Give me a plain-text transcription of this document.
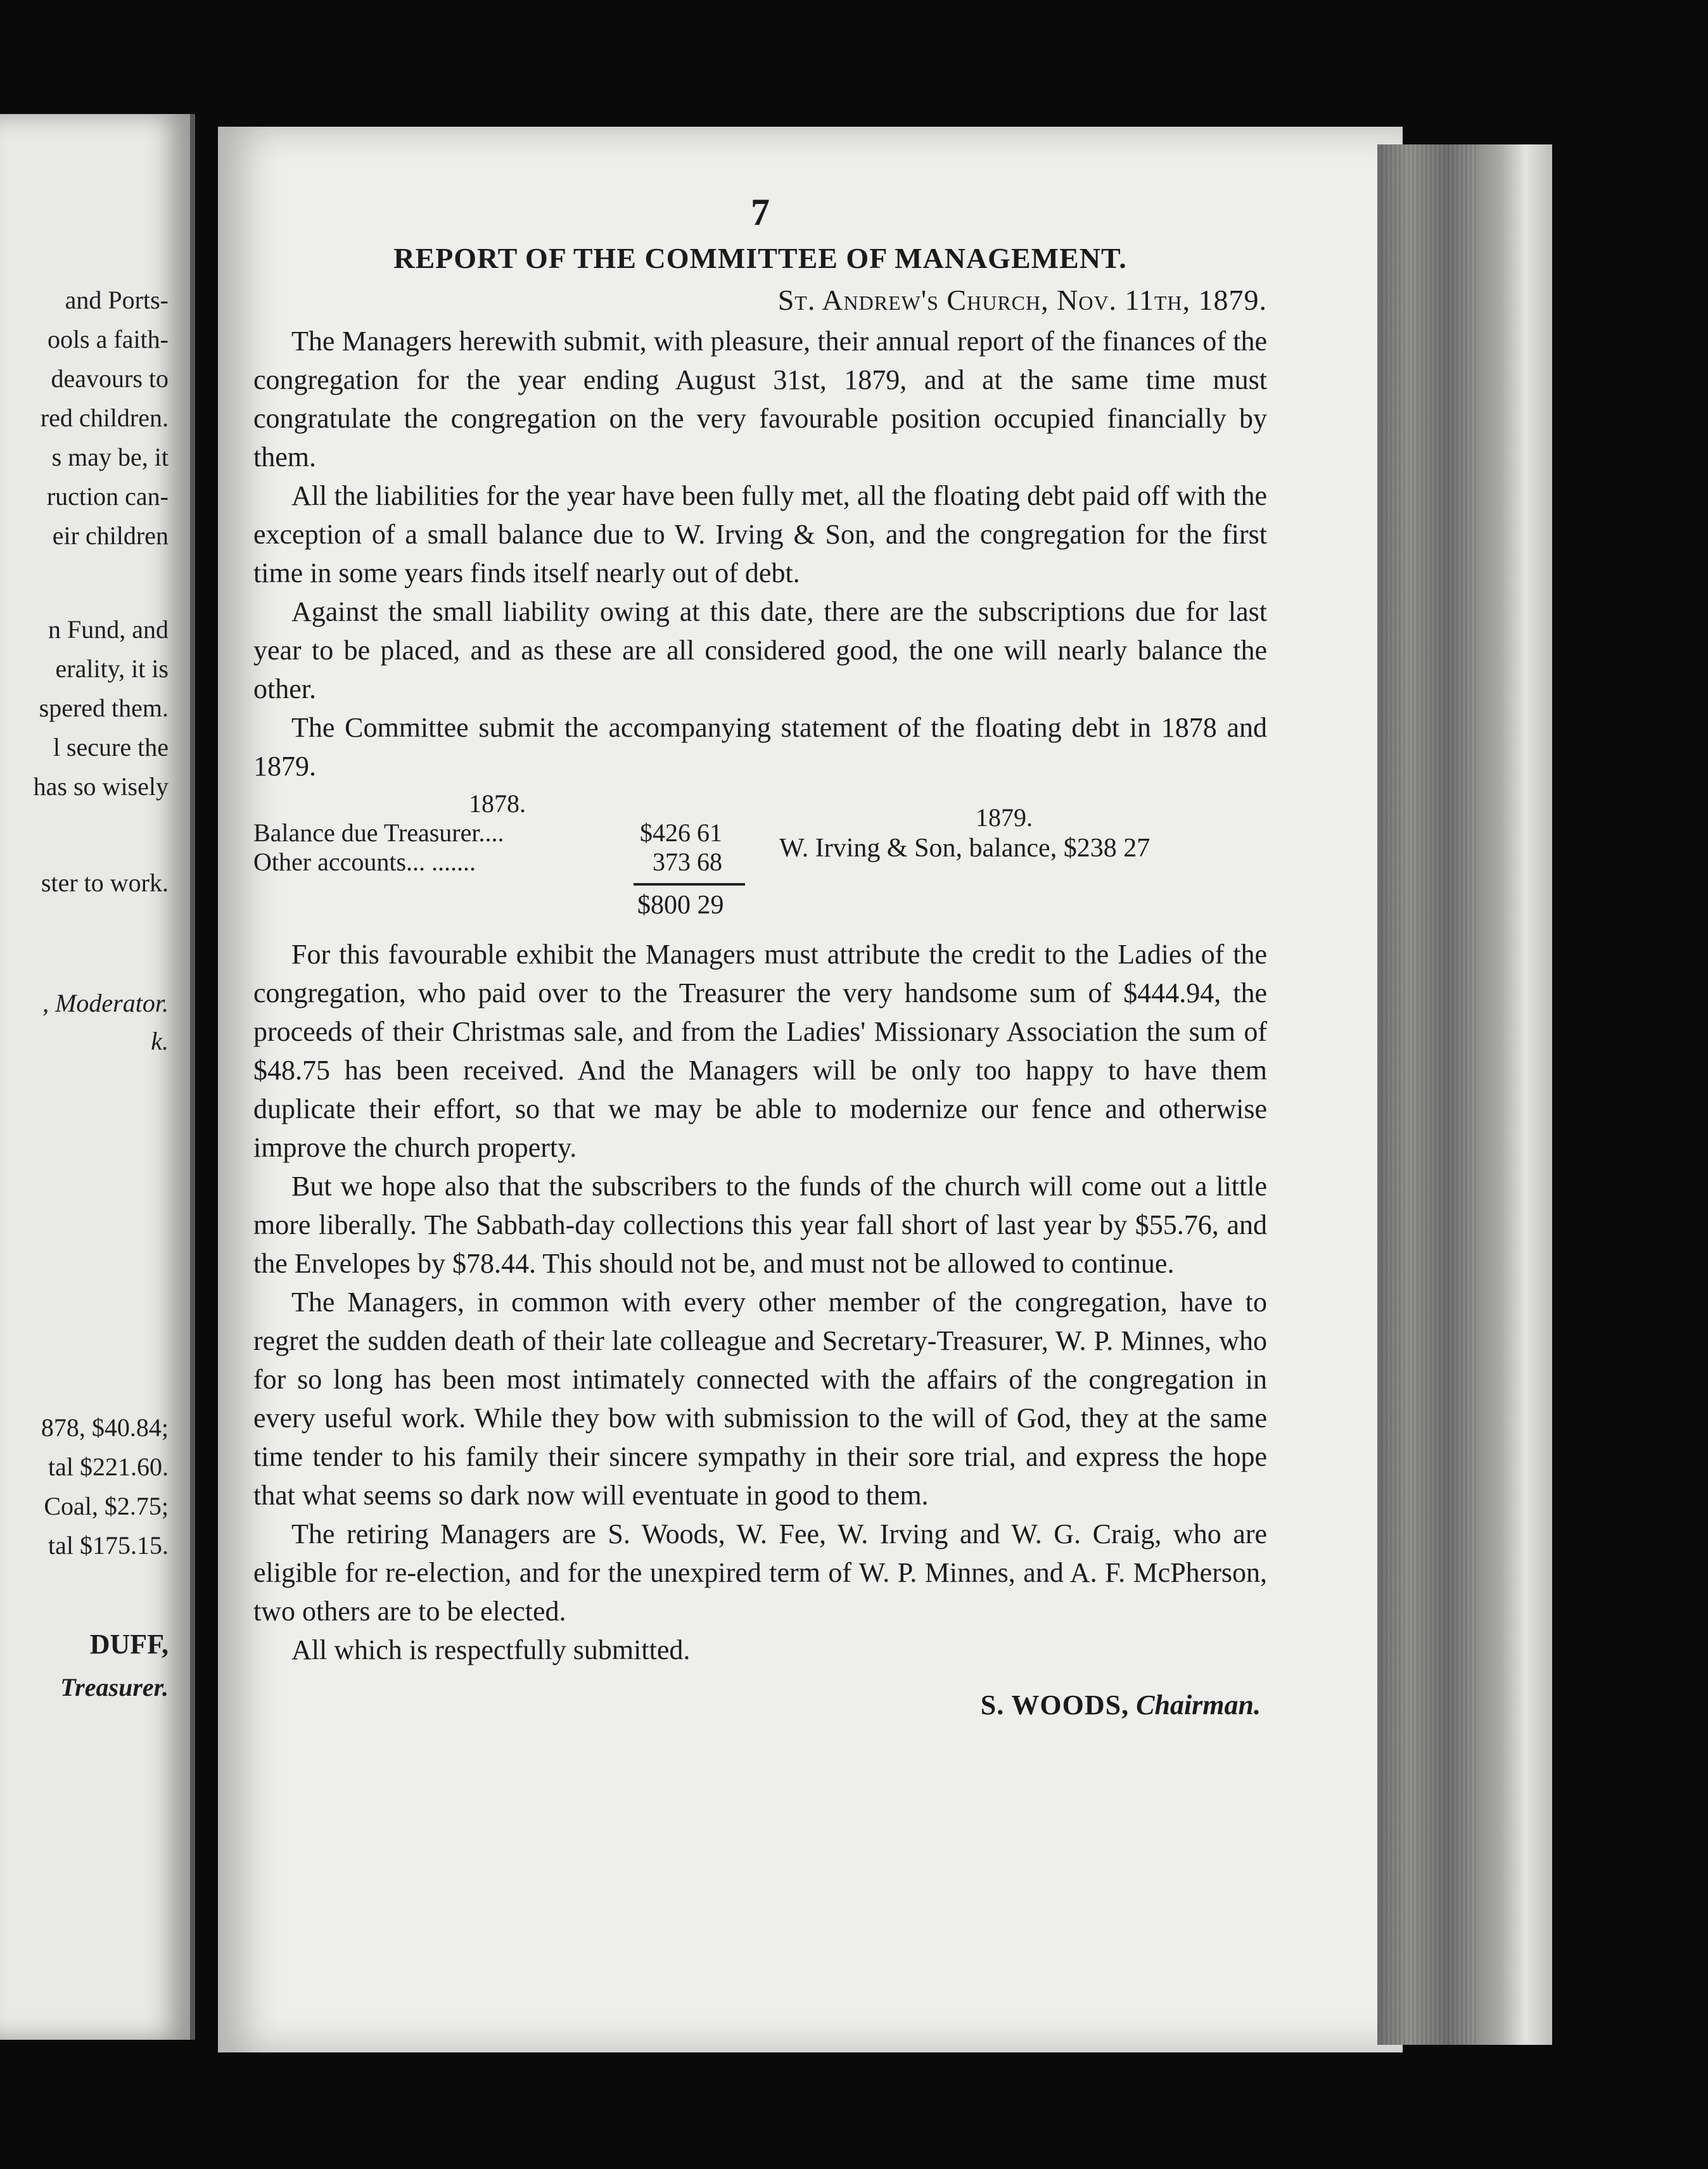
and Ports-
ools a faith-
deavours to
red children.
s may be, it
ruction can-
eir children
n Fund, and
erality, it is
spered them.
l secure the
has so wisely
ster to work.
, Moderator.
k.
878, $40.84;
tal $221.60.
Coal, $2.75;
tal $175.15.
DUFF,
Treasurer.
7
REPORT OF THE COMMITTEE OF MANAGEMENT.
St. Andrew's Church, Nov. 11th, 1879.

The Managers herewith submit, with pleasure, their annual report of the finances of the congregation for the year ending August 31st, 1879, and at the same time must congratulate the congregation on the very favourable position occupied financially by them.

All the liabilities for the year have been fully met, all the floating debt paid off with the exception of a small balance due to W. Irving & Son, and the congregation for the first time in some years finds itself nearly out of debt.

Against the small liability owing at this date, there are the subscriptions due for last year to be placed, and as these are all considered good, the one will nearly balance the other.

The Committee submit the accompanying statement of the floating debt in 1878 and 1879.

1878.	1879.
Balance due Treasurer....	$426 61
Other accounts... .......	373 68
$800 29
W. Irving & Son, balance, $238 27

For this favourable exhibit the Managers must attribute the credit to the Ladies of the congregation, who paid over to the Treasurer the very handsome sum of $444.94, the proceeds of their Christmas sale, and from the Ladies' Missionary Association the sum of $48.75 has been received. And the Managers will be only too happy to have them duplicate their effort, so that we may be able to modernize our fence and otherwise improve the church property.

But we hope also that the subscribers to the funds of the church will come out a little more liberally. The Sabbath-day collections this year fall short of last year by $55.76, and the Envelopes by $78.44. This should not be, and must not be allowed to continue.

The Managers, in common with every other member of the congregation, have to regret the sudden death of their late colleague and Secretary-Treasurer, W. P. Minnes, who for so long has been most intimately connected with the affairs of the congregation in every useful work. While they bow with submission to the will of God, they at the same time tender to his family their sincere sympathy in their sore trial, and express the hope that what seems so dark now will eventuate in good to them.

The retiring Managers are S. Woods, W. Fee, W. Irving and W. G. Craig, who are eligible for re-election, and for the unexpired term of W. P. Minnes, and A. F. McPherson, two others are to be elected.

All which is respectfully submitted.

S. WOODS, Chairman.
